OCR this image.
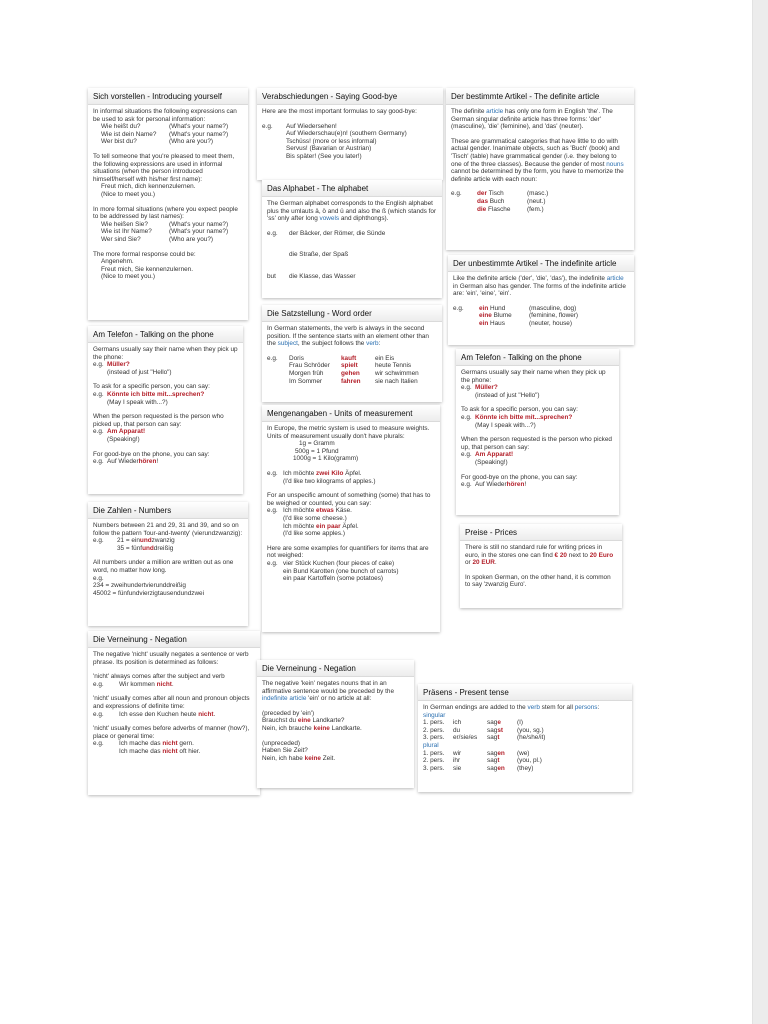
Sich vorstellen - Introducing yourself

In informal situations the following expressions can be used to ask for personal information:

Wie heißt du?	(What's your name?)
Wie ist dein Name?	(What's your name?)
Wer bist du?	(Who are you?)

To tell someone that you're pleased to meet them, the following expressions are used in informal situations (when the person introduced himself/herself with his/her first name):

Freut mich, dich kennenzulernen.

(Nice to meet you.)

In more formal situations (where you expect people to be addressed by last names):

Wie heißen Sie?	(What's your name?)
Wie ist Ihr Name?	(What's your name?)
Wer sind Sie?	(Who are you?)

The more formal response could be:

Angenehm.

Freut mich, Sie kennenzulernen.

(Nice to meet you.)

Verabschiedungen - Saying Good-bye

Here are the most important formulas to say good-bye:

e.g.	Auf Wiedersehen!
Auf Wiederschau(e)n! (southern Germany)
Tschüss! (more or less informal)
Servus! (Bavarian or Austrian)
Bis später! (See you later!)
Der bestimmte Artikel - The definite article

The definite article has only one form in English 'the'. The German singular definite article has three forms: 'der' (masculine), 'die' (feminine), and 'das' (neuter).

These are grammatical categories that have little to do with actual gender. Inanimate objects, such as 'Buch' (book) and 'Tisch' (table) have grammatical gender (i.e. they belong to one of the three classes). Because the gender of most nouns cannot be determined by the form, you have to memorize the definite article with each noun:

e.g.	der Tisch	(masc.)
das Buch	(neut.)
die Flasche	(fem.)
Das Alphabet - The alphabet

The German alphabet corresponds to the English alphabet plus the umlauts ä, ö and ü and also the ß (which stands for 'ss' only after long vowels and diphthongs).

e.g.	der Bäcker, der Römer, die Sünde
die Straße, der Spaß
but	die Klasse, das Wasser
Der unbestimmte Artikel - The indefinite article

Like the definite article ('der', 'die', 'das'), the indefinite article in German also has gender. The forms of the indefinite article are: 'ein', 'eine', 'ein'.

e.g.	ein Hund	(masculine, dog)
eine Blume	(feminine, flower)
ein Haus	(neuter, house)
Am Telefon - Talking on the phone

Germans usually say their name when they pick up the phone:

e.g. Müller?

(instead of just "Hello")

To ask for a specific person, you can say:

e.g. Könnte ich bitte mit...sprechen?

(May I speak with...?)

When the person requested is the person who picked up, that person can say:

e.g. Am Apparat!

(Speaking!)

For good-bye on the phone, you can say:

e.g. Auf Wiederhören!
Die Satzstellung - Word order

In German statements, the verb is always in the second position. If the sentence starts with an element other than the subject, the subject follows the verb:

e.g.	Doris	kauft	ein Eis
Frau Schröder	spielt	heute Tennis
Morgen früh	gehen	wir schwimmen
Im Sommer	fahren	sie nach Italien
Am Telefon - Talking on the phone

Germans usually say their name when they pick up the phone:

e.g. Müller?

(instead of just "Hello")

To ask for a specific person, you can say:

e.g. Könnte ich bitte mit...sprechen?

(May I speak with...?)

When the person requested is the person who picked up, that person can say:

e.g. Am Apparat!

(Speaking!)

For good-bye on the phone, you can say:

e.g. Auf Wiederhören!
Mengenangaben - Units of measurement

In Europe, the metric system is used to measure weights. Units of measurement usually don't have plurals:

1g = Gramm

500g = 1 Pfund

1000g = 1 Kilo(gramm)

e.g. Ich möchte zwei Kilo Äpfel.

(I'd like two kilograms of apples.)

For an unspecific amount of something (some) that has to be weighed or counted, you can say:

e.g. Ich möchte etwas Käse.

(I'd like some cheese.)

Ich möchte ein paar Äpfel.

(I'd like some apples.)

Here are some examples for quantifiers for items that are not weighed:

e.g. vier Stück Kuchen (four pieces of cake)

ein Bund Karotten (one bunch of carrots)

ein paar Kartoffeln (some potatoes)

Die Zahlen - Numbers

Numbers between 21 and 29, 31 and 39, and so on follow the pattern 'four-and-twenty' (vierundzwanzig):

e.g.	21 = einundzwanzig
35 = fünfunddreißig

All numbers under a million are written out as one word, no matter how long.

e.g.

234 = zweihundertvierunddreißig

45002 = fünfundvierzigtausendundzwei

Preise - Prices

There is still no standard rule for writing prices in euro, in the stores one can find € 20 next to 20 Euro or 20 EUR.

In spoken German, on the other hand, it is common to say 'zwanzig Euro'.

Die Verneinung - Negation

The negative 'nicht' usually negates a sentence or verb phrase. Its position is determined as follows:

'nicht' always comes after the subject and verb

e.g.	Wir kommen nicht.

'nicht' usually comes after all noun and pronoun objects and expressions of definite time:

e.g.	Ich esse den Kuchen heute nicht.

'nicht' usually comes before adverbs of manner (how?), place or general time:

e.g.	Ich mache das nicht gern.
Ich mache das nicht oft hier.
Die Verneinung - Negation

The negative 'kein' negates nouns that in an affirmative sentence would be preceded by the indefinite article 'ein' or no article at all:

(preceded by 'ein')

Brauchst du eine Landkarte?

Nein, ich brauche keine Landkarte.

(unpreceded)

Haben Sie Zeit?

Nein, ich habe keine Zeit.

Präsens - Present tense

In German endings are added to the verb stem for all persons:

singular

1. pers.	ich	sage	(I)
2. pers.	du	sagst	(you, sg.)
3. pers.	er/sie/es	sagt	(he/she/it)

plural

1. pers.	wir	sagen	(we)
2. pers.	ihr	sagt	(you, pl.)
3. pers.	sie	sagen	(they)
